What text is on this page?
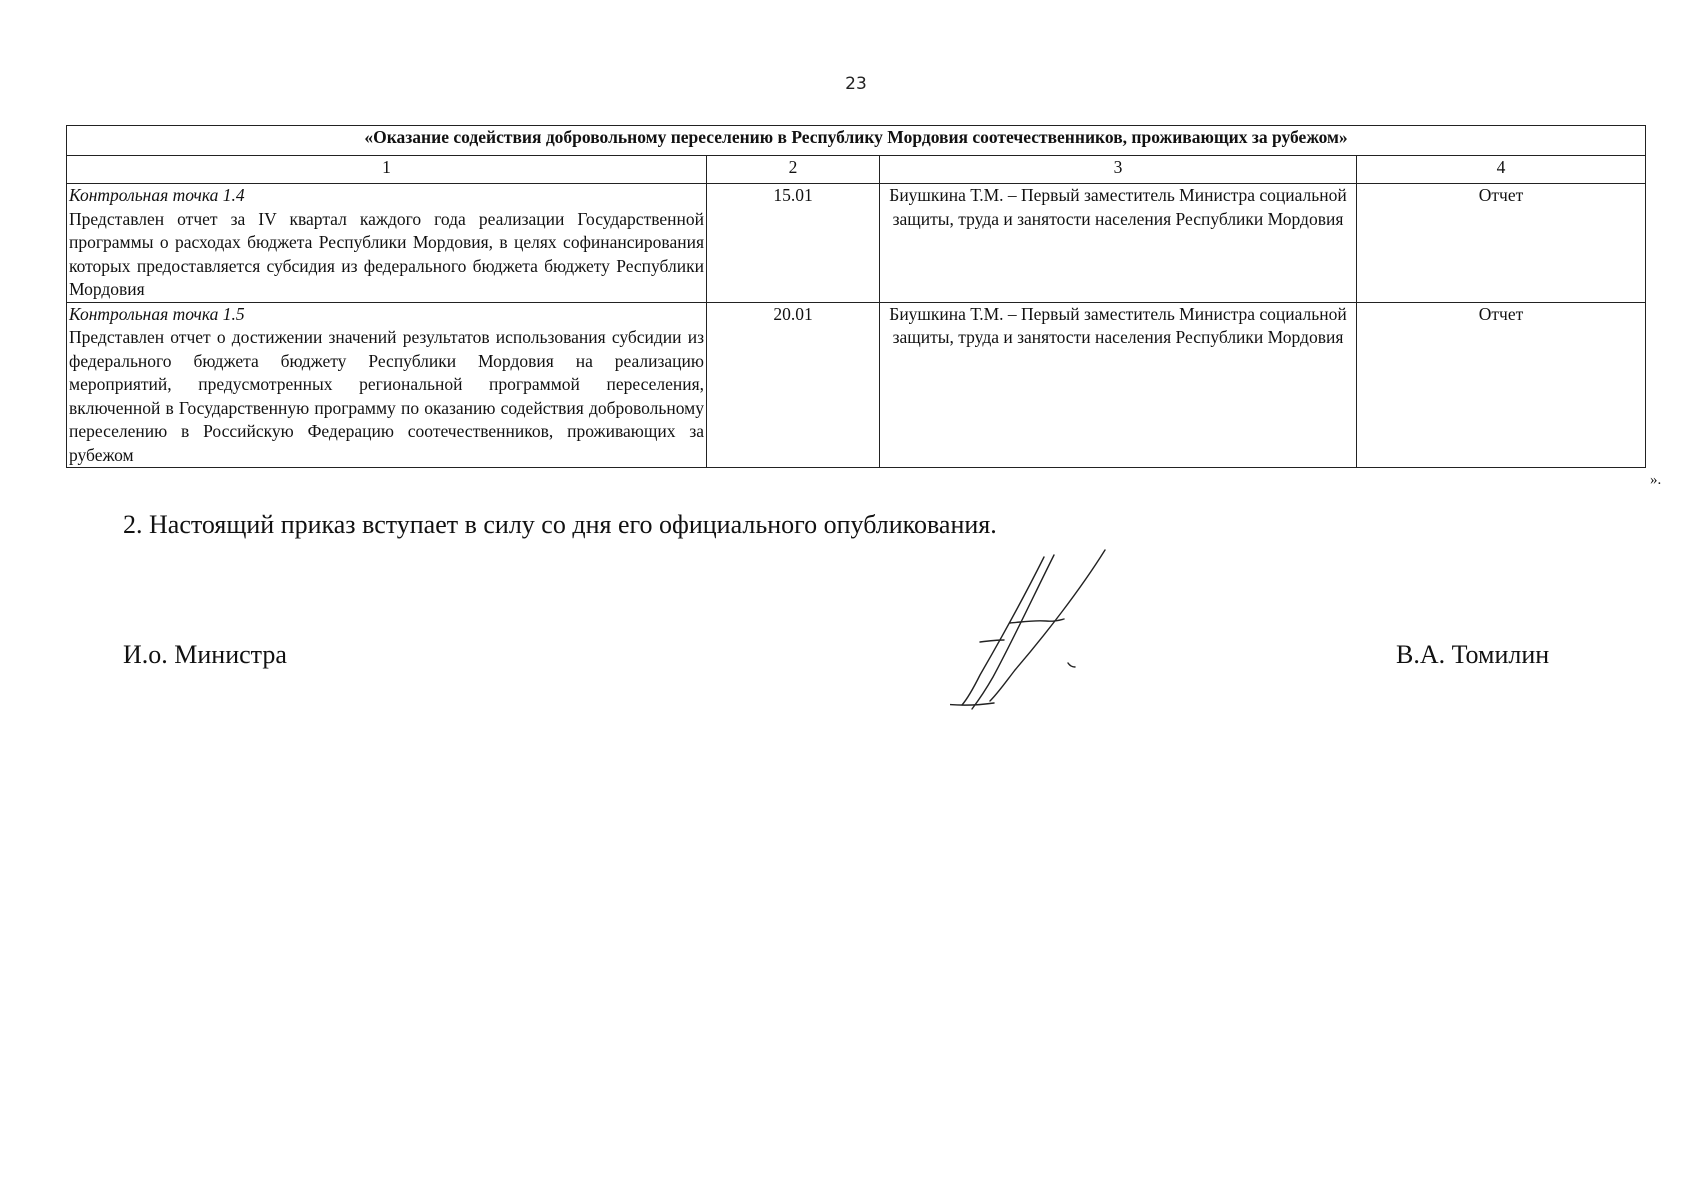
23
«Оказание содействия добровольному переселению в Республику Мордовия соотечественников, проживающих за рубежом»			
1	2	3	4

Контрольная точка 1.4
Представлен отчет за IV квартал каждого года реализации Государственной программы о расходах бюджета Республики Мордовия, в целях софинансирования которых предоставляется субсидия из федерального бюджета бюджету Республики Мордовия	15.01	Биушкина Т.М. – Первый заместитель Министра социальной защиты, труда и занятости населения Республики Мордовия	Отчет

Контрольная точка 1.5
Представлен отчет о достижении значений результатов использования субсидии из федерального бюджета бюджету Республики Мордовия на реализацию мероприятий, предусмотренных региональной программой переселения, включенной в Государственную программу по оказанию содействия добровольному переселению в Российскую Федерацию соотечественников, проживающих за рубежом	20.01	Биушкина Т.М. – Первый заместитель Министра социальной защиты, труда и занятости населения Республики Мордовия	Отчет
».
2. Настоящий приказ вступает в силу со дня его официального опубликования.
И.о. Министра	В.А. Томилин
